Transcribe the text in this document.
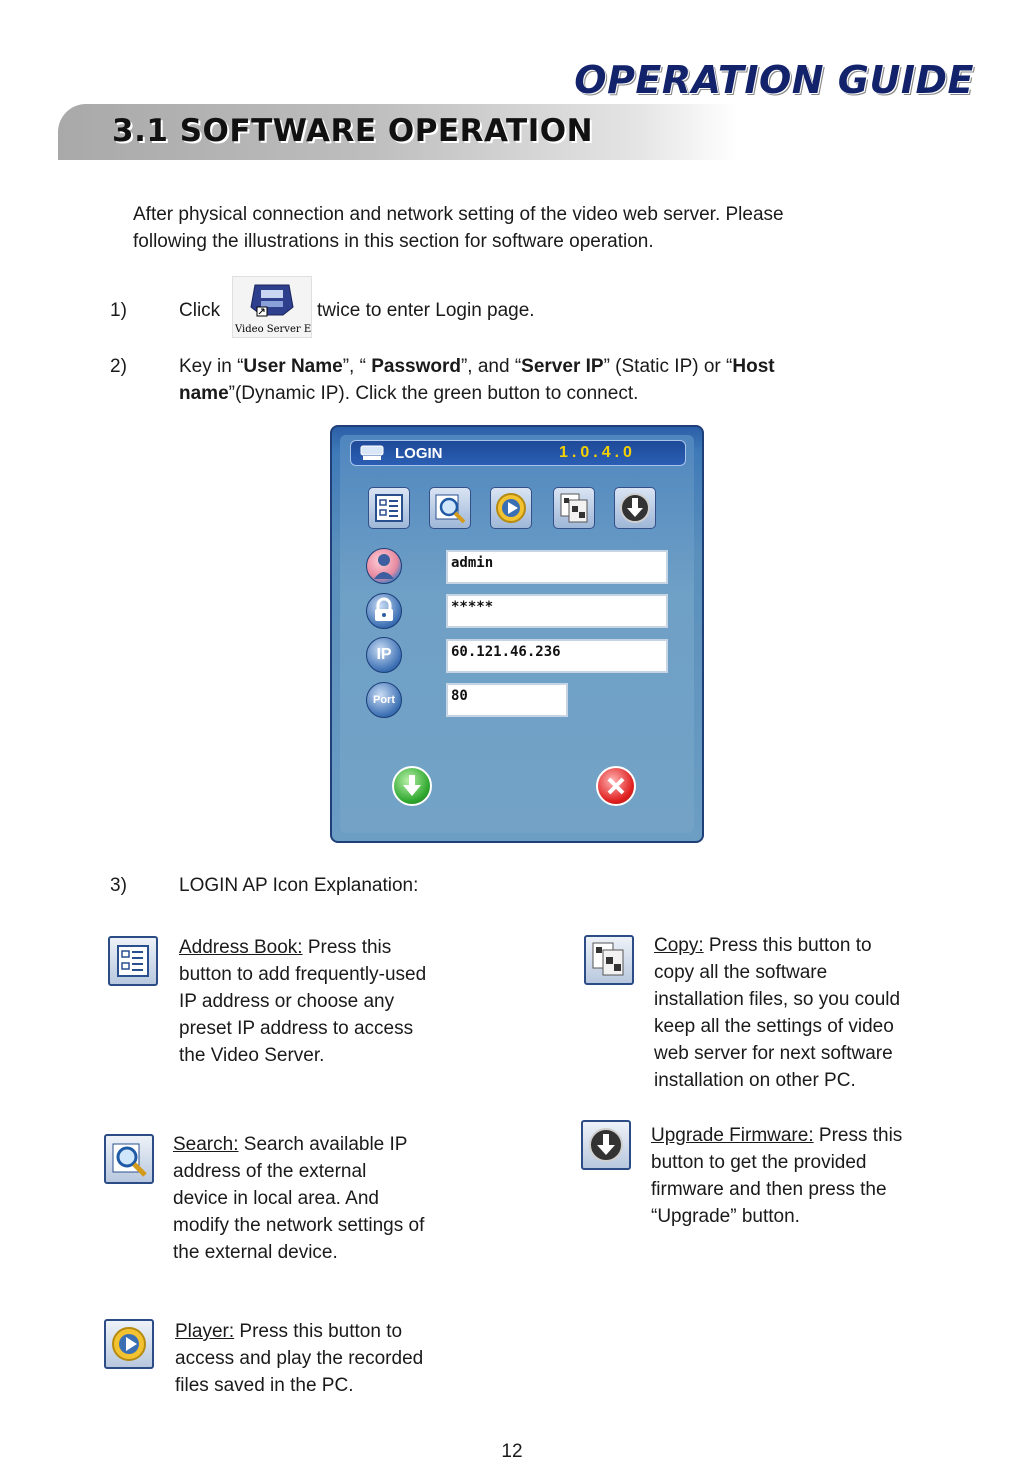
OPERATION GUIDE
3.1 SOFTWARE OPERATION
After physical connection and network setting of the video web server. Please
following the illustrations in this section for software operation.
1)	Click
Video Server E
twice to enter Login page.
2)	Key in “User Name”, “ Password”, and “Server IP” (Static IP) or “Host
name”(Dynamic IP). Click the green button to connect.
LOGIN	1.0.4.0
IP
Port
admin
*****
60.121.46.236
80
3)	LOGIN AP Icon Explanation:
Address Book: Press this
button to add frequently-used
IP address or choose any
preset IP address to access
the Video Server.
Search: Search available IP
address of the external
device in local area. And
modify the network settings of
the external device.
Player: Press this button to
access and play the recorded
files saved in the PC.
Copy: Press this button to
copy all the software
installation files, so you could
keep all the settings of video
web server for next software
installation on other PC.
Upgrade Firmware: Press this
button to get the provided
firmware and then press the
“Upgrade” button.
12
